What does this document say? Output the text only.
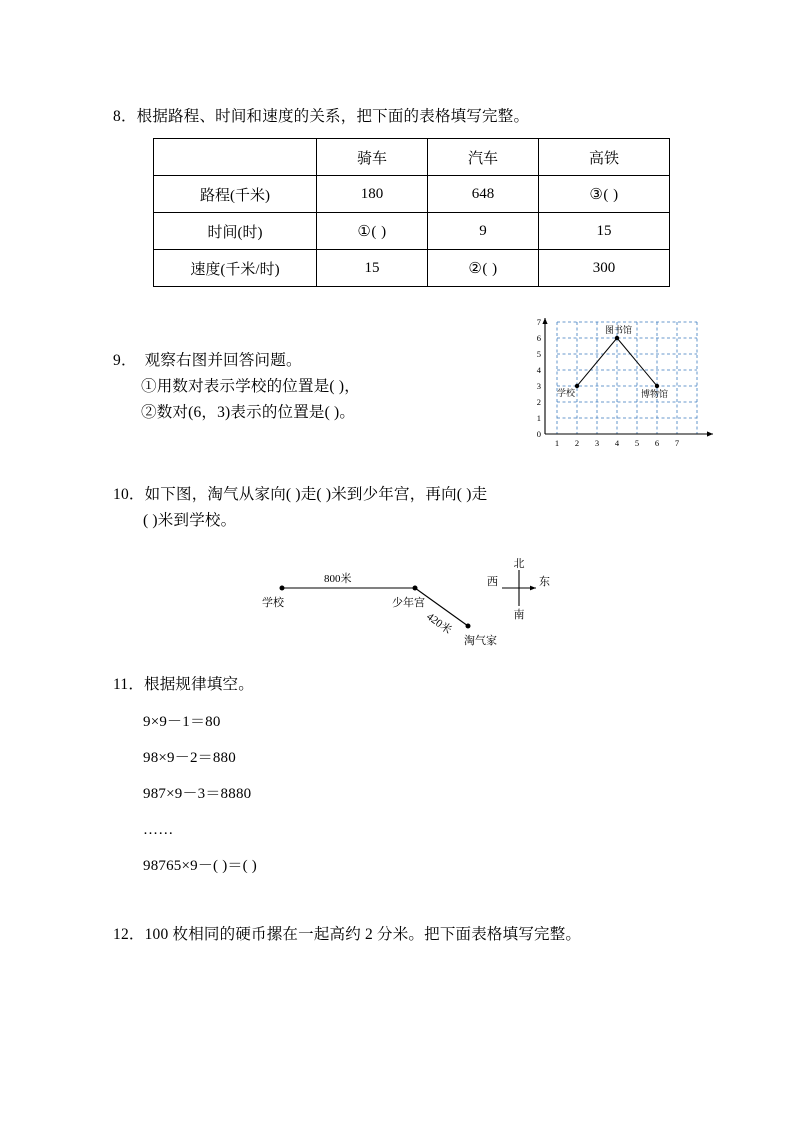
8．根据路程、时间和速度的关系，把下面的表格填写完整。
	骑车	汽车	高铁
路程(千米)	180	648	③( )
时间(时)	①( )	9	15
速度(千米/时)	15	②( )	300
9． 观察右图并回答问题。
①用数对表示学校的位置是( )，
②数对(6，3)表示的位置是( )。
0
1
2
3
4
5
6
7
1 2 3 4 5 6 7
学校
图书馆
博物馆
10．如下图，淘气从家向( )走( )米到少年宫，再向( )走
( )米到学校。
学校	少年宫
淘气家
800米
420米
北
南
东
西
11．根据规律填空。
9×9－1＝80
98×9－2＝880
987×9－3＝8880
……
98765×9－( )＝( )
12．100 枚相同的硬币摞在一起高约 2 分米。把下面表格填写完整。
